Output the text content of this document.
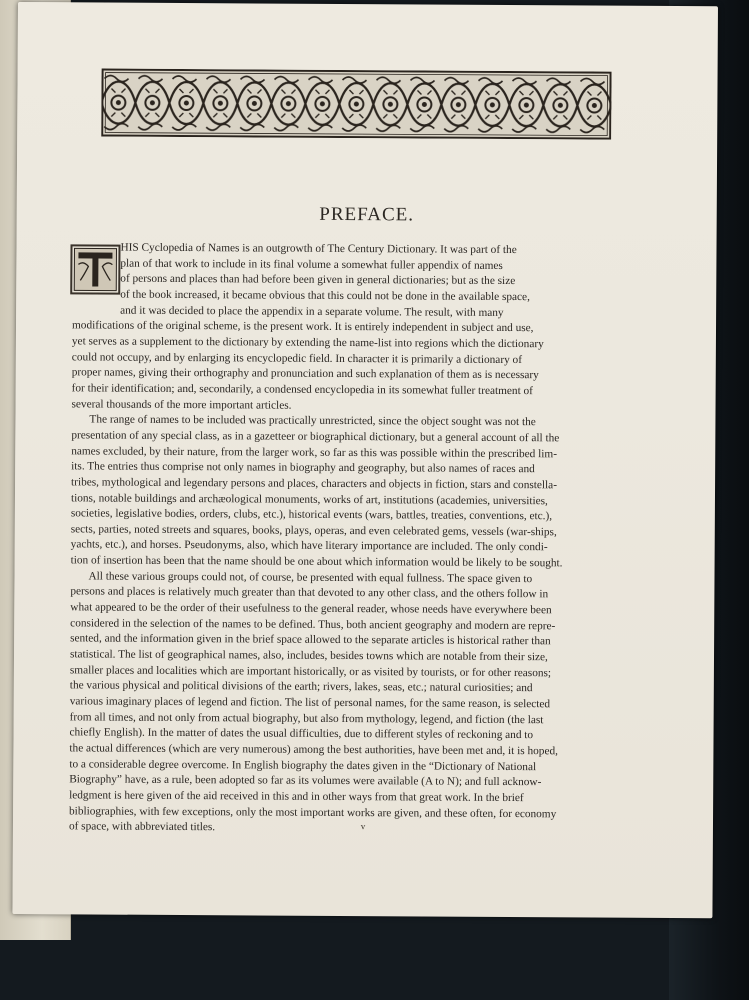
PREFACE.
HIS Cyclopedia of Names is an outgrowth of The Century Dictionary. It was part of the
plan of that work to include in its final volume a somewhat fuller appendix of names
of persons and places than had before been given in general dictionaries; but as the size
of the book increased, it became obvious that this could not be done in the available space,
and it was decided to place the appendix in a separate volume. The result, with many
modifications of the original scheme, is the present work. It is entirely independent in subject and use,
yet serves as a supplement to the dictionary by extending the name-list into regions which the dictionary
could not occupy, and by enlarging its encyclopedic field. In character it is primarily a dictionary of
proper names, giving their orthography and pronunciation and such explanation of them as is necessary
for their identification; and, secondarily, a condensed encyclopedia in its somewhat fuller treatment of
several thousands of the more important articles.
The range of names to be included was practically unrestricted, since the object sought was not the
presentation of any special class, as in a gazetteer or biographical dictionary, but a general account of all the
names excluded, by their nature, from the larger work, so far as this was possible within the prescribed lim-
its. The entries thus comprise not only names in biography and geography, but also names of races and
tribes, mythological and legendary persons and places, characters and objects in fiction, stars and constella-
tions, notable buildings and archæological monuments, works of art, institutions (academies, universities,
societies, legislative bodies, orders, clubs, etc.), historical events (wars, battles, treaties, conventions, etc.),
sects, parties, noted streets and squares, books, plays, operas, and even celebrated gems, vessels (war-ships,
yachts, etc.), and horses. Pseudonyms, also, which have literary importance are included. The only condi-
tion of insertion has been that the name should be one about which information would be likely to be sought.
All these various groups could not, of course, be presented with equal fullness. The space given to
persons and places is relatively much greater than that devoted to any other class, and the others follow in
what appeared to be the order of their usefulness to the general reader, whose needs have everywhere been
considered in the selection of the names to be defined. Thus, both ancient geography and modern are repre-
sented, and the information given in the brief space allowed to the separate articles is historical rather than
statistical. The list of geographical names, also, includes, besides towns which are notable from their size,
smaller places and localities which are important historically, or as visited by tourists, or for other reasons;
the various physical and political divisions of the earth; rivers, lakes, seas, etc.; natural curiosities; and
various imaginary places of legend and fiction. The list of personal names, for the same reason, is selected
from all times, and not only from actual biography, but also from mythology, legend, and fiction (the last
chiefly English). In the matter of dates the usual difficulties, due to different styles of reckoning and to
the actual differences (which are very numerous) among the best authorities, have been met and, it is hoped,
to a considerable degree overcome. In English biography the dates given in the “Dictionary of National
Biography” have, as a rule, been adopted so far as its volumes were available (A to N); and full acknow-
ledgment is here given of the aid received in this and in other ways from that great work. In the brief
bibliographies, with few exceptions, only the most important works are given, and these often, for economy
of space, with abbreviated titles.	v
